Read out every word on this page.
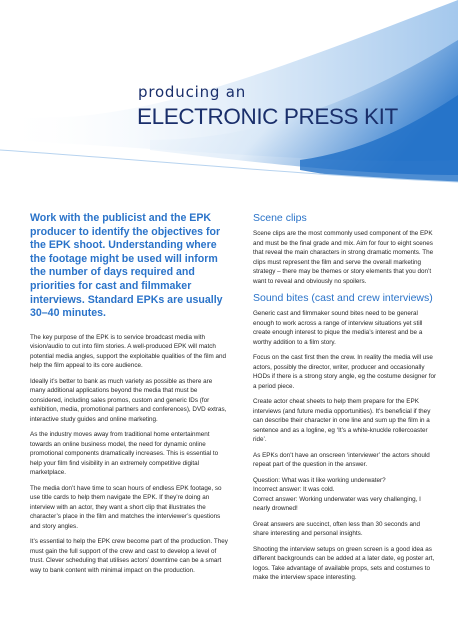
producing an
ELECTRONIC PRESS KIT
Work with the publicist and the EPK producer to identify the objectives for the EPK shoot. Understanding where the footage might be used will inform the number of days required and priorities for cast and filmmaker interviews. Standard EPKs are usually 30–40 minutes.

The key purpose of the EPK is to service broadcast media with vision/audio to cut into film stories. A well-produced EPK will match potential media angles, support the exploitable qualities of the film and help the film appeal to its core audience.

Ideally it’s better to bank as much variety as possible as there are many additional applications beyond the media that must be considered, including sales promos, custom and generic IDs (for exhibition, media, promotional partners and conferences), DVD extras, interactive study guides and online marketing.

As the industry moves away from traditional home entertainment towards an online business model, the need for dynamic online promotional components dramatically increases. This is essential to help your film find visibility in an extremely competitive digital marketplace.

The media don’t have time to scan hours of endless EPK footage, so use title cards to help them navigate the EPK. If they’re doing an interview with an actor, they want a short clip that illustrates the character’s place in the film and matches the interviewer’s questions and story angles.

It’s essential to help the EPK crew become part of the production. They must gain the full support of the crew and cast to develop a level of trust. Clever scheduling that utilises actors’ downtime can be a smart way to bank content with minimal impact on the production.

Scene clips

Scene clips are the most commonly used component of the EPK and must be the final grade and mix. Aim for four to eight scenes that reveal the main characters in strong dramatic moments. The clips must represent the film and serve the overall marketing strategy – there may be themes or story elements that you don’t want to reveal and obviously no spoilers.

Sound bites (cast and crew interviews)

Generic cast and filmmaker sound bites need to be general enough to work across a range of interview situations yet still create enough interest to pique the media’s interest and be a worthy addition to a film story.

Focus on the cast first then the crew. In reality the media will use actors, possibly the director, writer, producer and occasionally HODs if there is a strong story angle, eg the costume designer for a period piece.

Create actor cheat sheets to help them prepare for the EPK interviews (and future media opportunities). It’s beneficial if they can describe their character in one line and sum up the film in a sentence and as a logline, eg ‘It’s a white-knuckle rollercoaster ride’.

As EPKs don’t have an onscreen ‘interviewer’ the actors should repeat part of the question in the answer.

Question: What was it like working underwater?

Incorrect answer: It was cold.

Correct answer: Working underwater was very challenging, I nearly drowned!

Great answers are succinct, often less than 30 seconds and share interesting and personal insights.

Shooting the interview setups on green screen is a good idea as different backgrounds can be added at a later date, eg poster art, logos. Take advantage of available props, sets and costumes to make the interview space interesting.
